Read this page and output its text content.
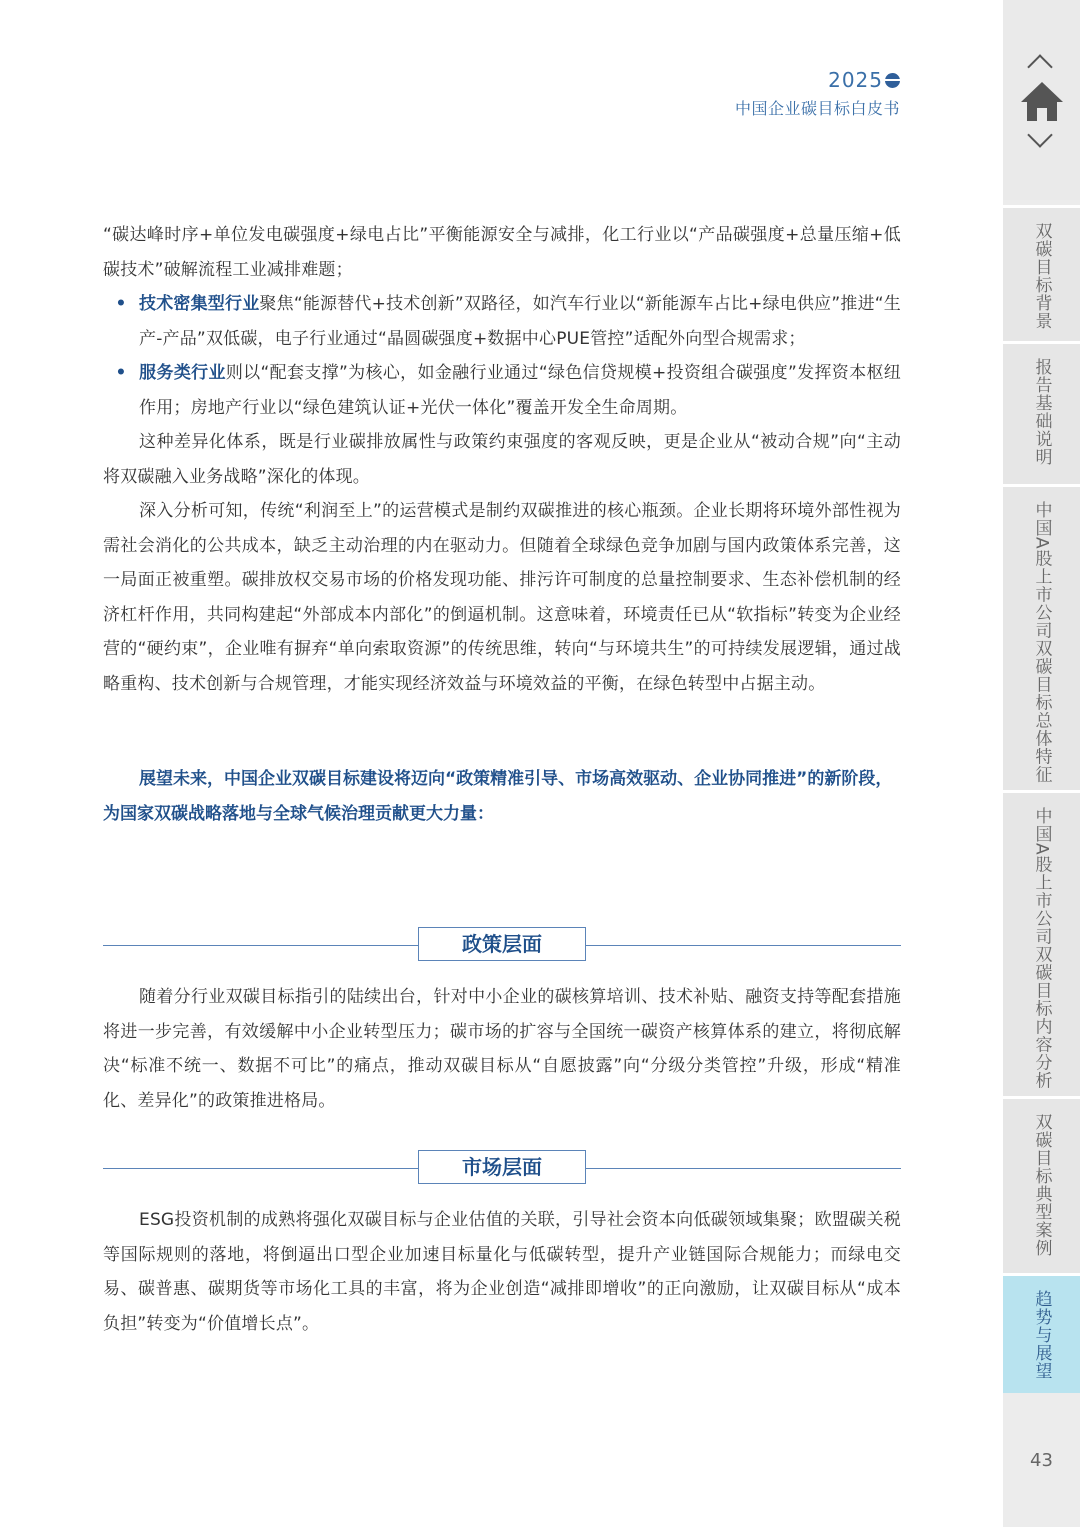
2025
中国企业碳目标白皮书

“碳达峰时序+单位发电碳强度+绿电占比”平衡能源安全与减排，化工行业以“产品碳强度+总量压缩+低碳技术”破解流程工业减排难题；

• 技术密集型行业聚焦“能源替代+技术创新”双路径，如汽车行业以“新能源车占比+绿电供应”推进“生产-产品”双低碳，电子行业通过“晶圆碳强度+数据中心PUE管控”适配外向型合规需求；

• 服务类行业则以“配套支撑”为核心，如金融行业通过“绿色信贷规模+投资组合碳强度”发挥资本枢纽作用；房地产行业以“绿色建筑认证+光伏一体化”覆盖开发全生命周期。

这种差异化体系，既是行业碳排放属性与政策约束强度的客观反映，更是企业从“被动合规”向“主动将双碳融入业务战略”深化的体现。

深入分析可知，传统“利润至上”的运营模式是制约双碳推进的核心瓶颈。企业长期将环境外部性视为需社会消化的公共成本，缺乏主动治理的内在驱动力。但随着全球绿色竞争加剧与国内政策体系完善，这一局面正被重塑。碳排放权交易市场的价格发现功能、排污许可制度的总量控制要求、生态补偿机制的经济杠杆作用，共同构建起“外部成本内部化”的倒逼机制。这意味着，环境责任已从“软指标”转变为企业经营的“硬约束”，企业唯有摒弃“单向索取资源”的传统思维，转向“与环境共生”的可持续发展逻辑，通过战略重构、技术创新与合规管理，才能实现经济效益与环境效益的平衡，在绿色转型中占据主动。

展望未来，中国企业双碳目标建设将迈向“政策精准引导、市场高效驱动、企业协同推进”的新阶段，为国家双碳战略落地与全球气候治理贡献更大力量：

政策层面

随着分行业双碳目标指引的陆续出台，针对中小企业的碳核算培训、技术补贴、融资支持等配套措施将进一步完善，有效缓解中小企业转型压力；碳市场的扩容与全国统一碳资产核算体系的建立，将彻底解决“标准不统一、数据不可比”的痛点，推动双碳目标从“自愿披露”向“分级分类管控”升级，形成“精准化、差异化”的政策推进格局。

市场层面

ESG投资机制的成熟将强化双碳目标与企业估值的关联，引导社会资本向低碳领域集聚；欧盟碳关税等国际规则的落地，将倒逼出口型企业加速目标量化与低碳转型，提升产业链国际合规能力；而绿电交易、碳普惠、碳期货等市场化工具的丰富，将为企业创造“减排即增收”的正向激励，让双碳目标从“成本负担”转变为“价值增长点”。

双碳目标背景
报告基础说明
中国A股上市公司双碳目标总体特征
中国A股上市公司双碳目标内容分析
双碳目标典型案例
趋势与展望
43
